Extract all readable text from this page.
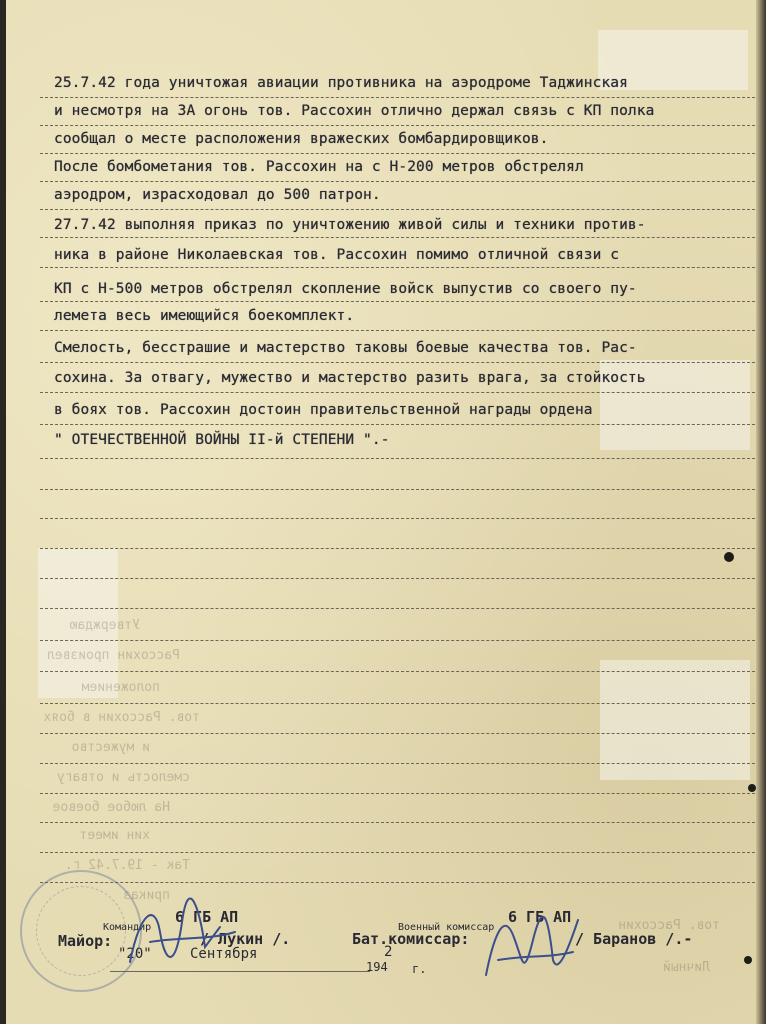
Утверждаю
Рассохин произвел
положением
тов. Рассохин в боях
и мужество
смелость и отвагу
На любое боевое
хин имеет
Так - 19.7.42 г.
приказ
тов. Рассохин
Личный
25.7.42 года уничтожая авиации противника на аэродроме Таджинская
и несмотря на ЗА огонь тов. Рассохин отлично держал связь с КП полка
сообщал о месте расположения вражеских бомбардировщиков.
После бомбометания тов. Рассохин на с Н-200 метров обстрелял
аэродром, израсходовал до 500 патрон.
27.7.42 выполняя приказ по уничтожению живой силы и техники против-
ника в районе Николаевская тов. Рассохин помимо отличной связи с
КП с Н-500 метров обстрелял скопление войск выпустив со своего пу-
лемета весь имеющийся боекомплект.
Смелость, бесстрашие и мастерство таковы боевые качества тов. Рас-
сохина. За отвагу, мужество и мастерство разить врага, за стойкость
в боях тов. Рассохин достоин правительственной награды ордена
" ОТЕЧЕСТВЕННОЙ ВОЙНЫ II-й СТЕПЕНИ ".-
Командир
6 ГБ АП
Майор:	/ Лукин /.
"20"	Сентября
194 г.
Военный комиссар
6 ГБ АП
Бат.комиссар:	/ Баранов /.-
2
